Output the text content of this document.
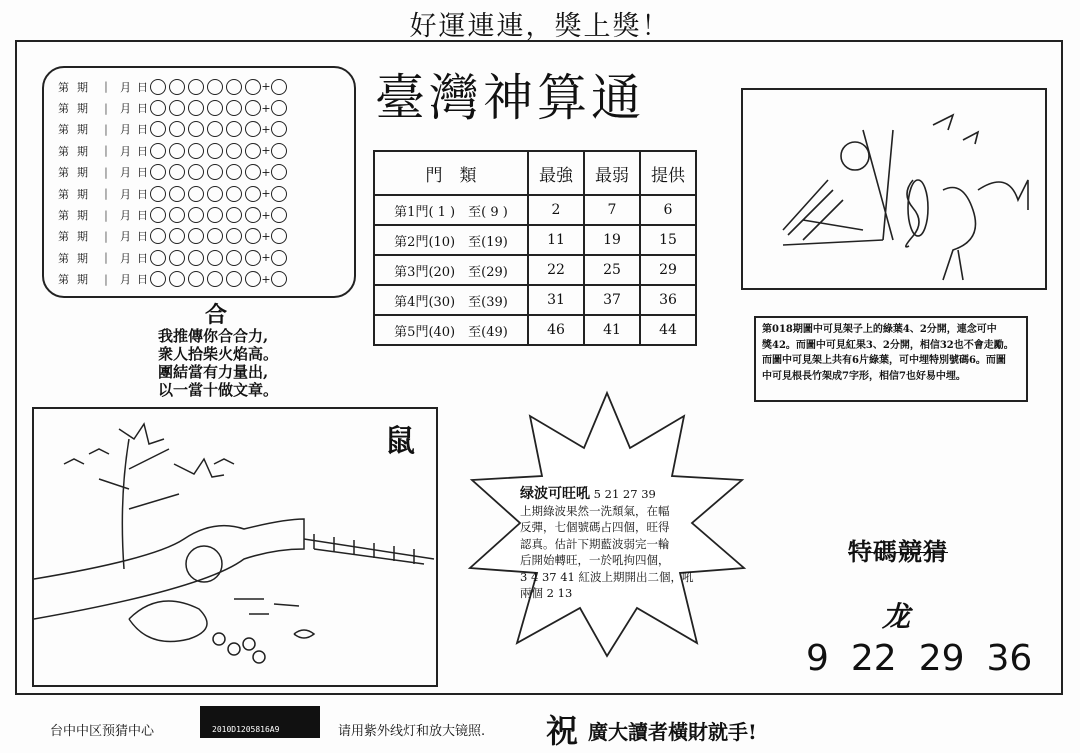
好運連連，獎上獎！
第 期	|	月 日	+
第 期	|	月 日	+
第 期	|	月 日	+
第 期	|	月 日	+
第 期	|	月 日	+
第 期	|	月 日	+
第 期	|	月 日	+
第 期	|	月 日	+
第 期	|	月 日	+
第 期	|	月 日	+
臺灣神算通
門　類	最強	最弱	提供
第1門( 1 )　至( 9 )	2	7	6
第2門(10)　至(19)	11	19	15
第3門(20)　至(29)	22	25	29
第4門(30)　至(39)	31	37	36
第5門(40)　至(49)	46	41	44
合
我推傳你合合力,
衆人拾柴火焰高。
團結當有力量出,
以一當十做文章。
第018期圖中可見架子上的綠葉4、2分開，連念可中
獎42。而圖中可見紅果3、2分開，相信32也不會走勵。
而圖中可見架上共有6片綠葉，可中埋特別號碼6。而圖
中可見根長竹架成7字形，相信7也好易中埋。
鼠
绿波可旺吼 5 21 27 39
上期綠波果然一洗頹氣，在幅
反彈，七個號碼占四個，旺得
認真。估計下期藍波弱完一輪
后開始轉旺，一於吼拘四個，
3 4 37 41 紅波上期開出二個，吼
兩個 2 13
特碼競猜
龙
9 22 29 36
台中中区预猜中心	2010D1205816A9	请用紫外线灯和放大镜照. 祝 廣大讀者橫財就手!
